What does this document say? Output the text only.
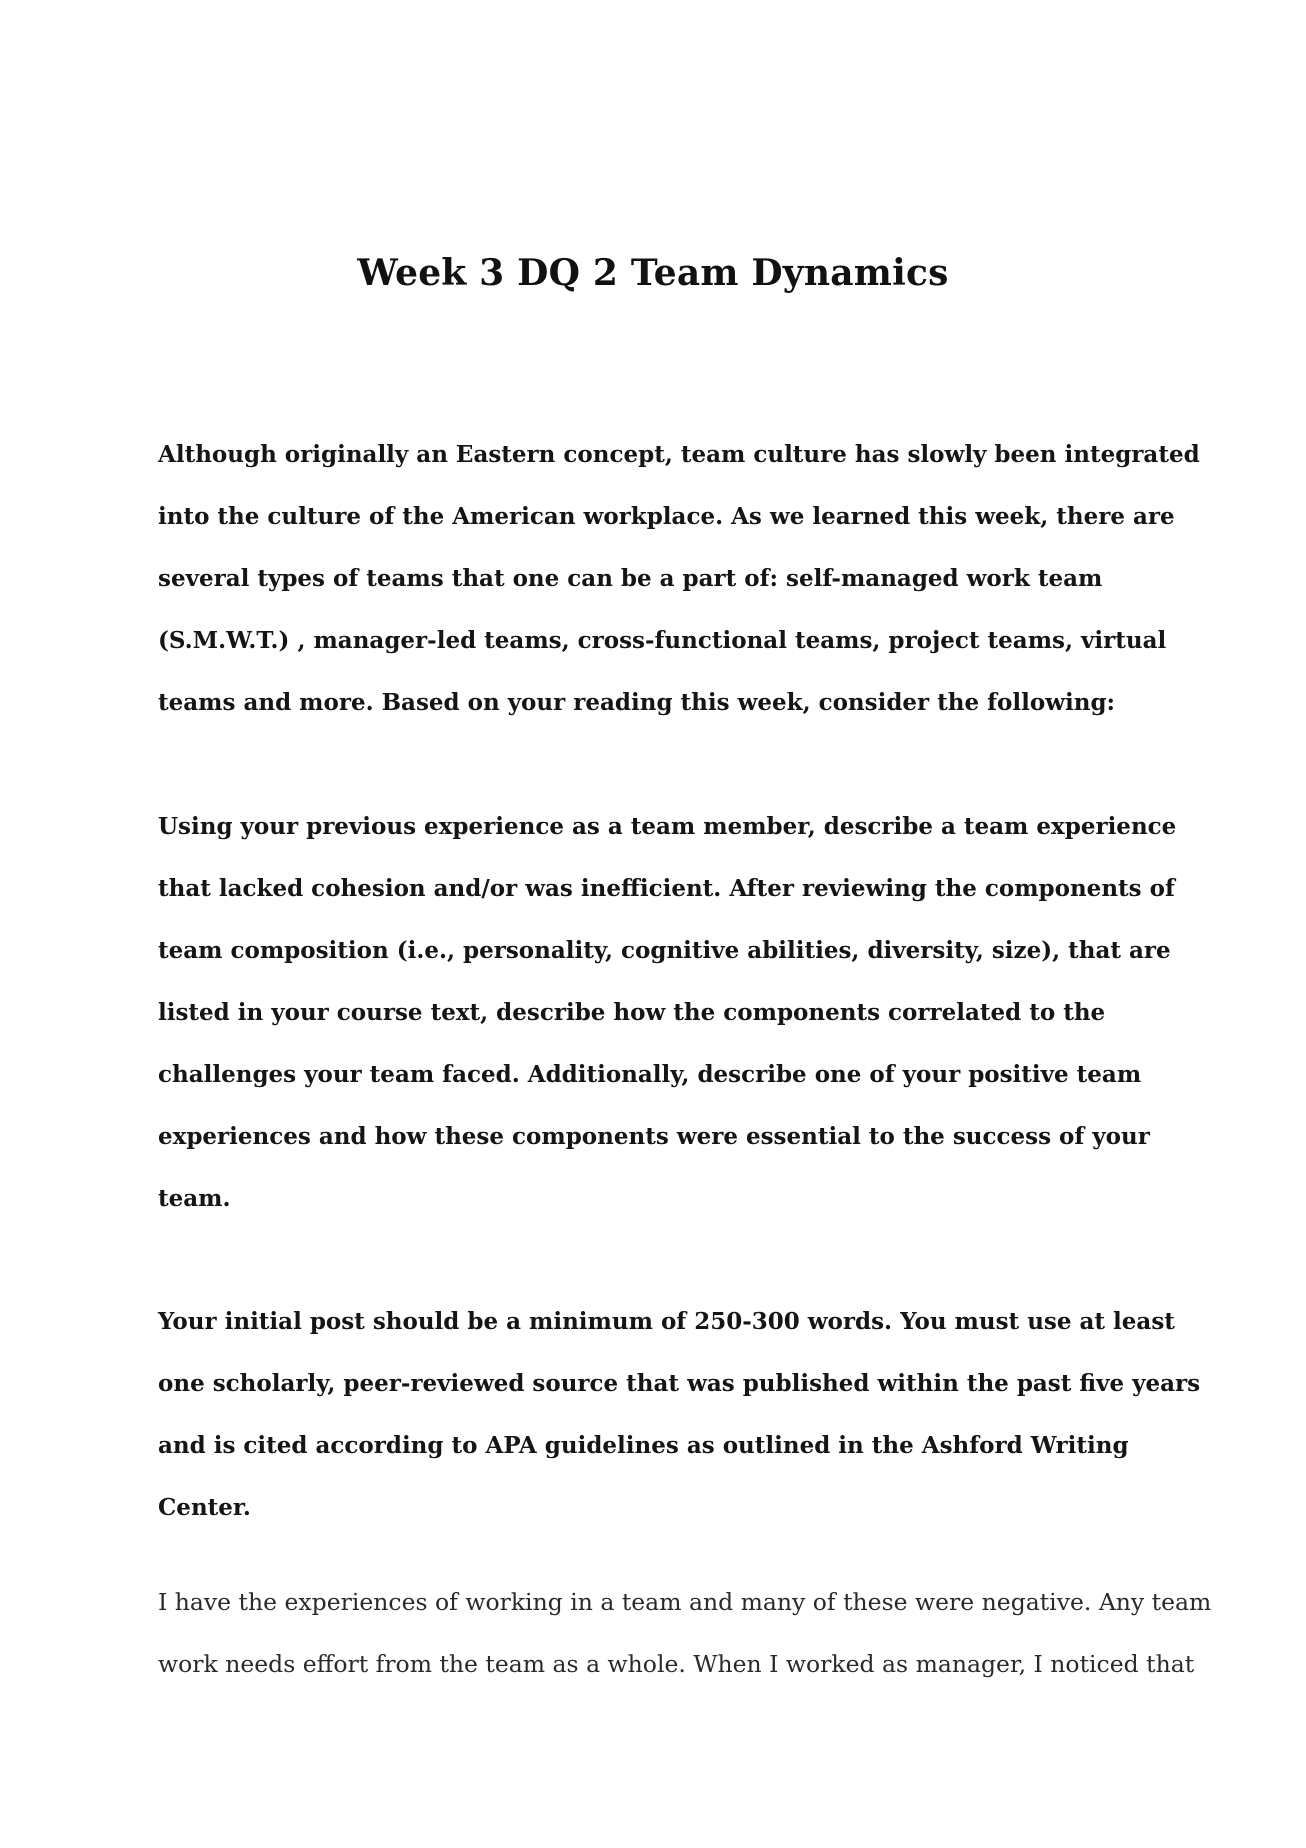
Week 3 DQ 2 Team Dynamics
Although originally an Eastern concept, team culture has slowly been integrated
into the culture of the American workplace. As we learned this week, there are
several types of teams that one can be a part of: self-managed work team
(S.M.W.T.) , manager-led teams, cross-functional teams, project teams, virtual
teams and more. Based on your reading this week, consider the following:
Using your previous experience as a team member, describe a team experience
that lacked cohesion and/or was inefficient. After reviewing the components of
team composition (i.e., personality, cognitive abilities, diversity, size), that are
listed in your course text, describe how the components correlated to the
challenges your team faced. Additionally, describe one of your positive team
experiences and how these components were essential to the success of your
team.
Your initial post should be a minimum of 250-300 words. You must use at least
one scholarly, peer-reviewed source that was published within the past five years
and is cited according to APA guidelines as outlined in the Ashford Writing
Center.
I have the experiences of working in a team and many of these were negative. Any team
work needs effort from the team as a whole. When I worked as manager, I noticed that
